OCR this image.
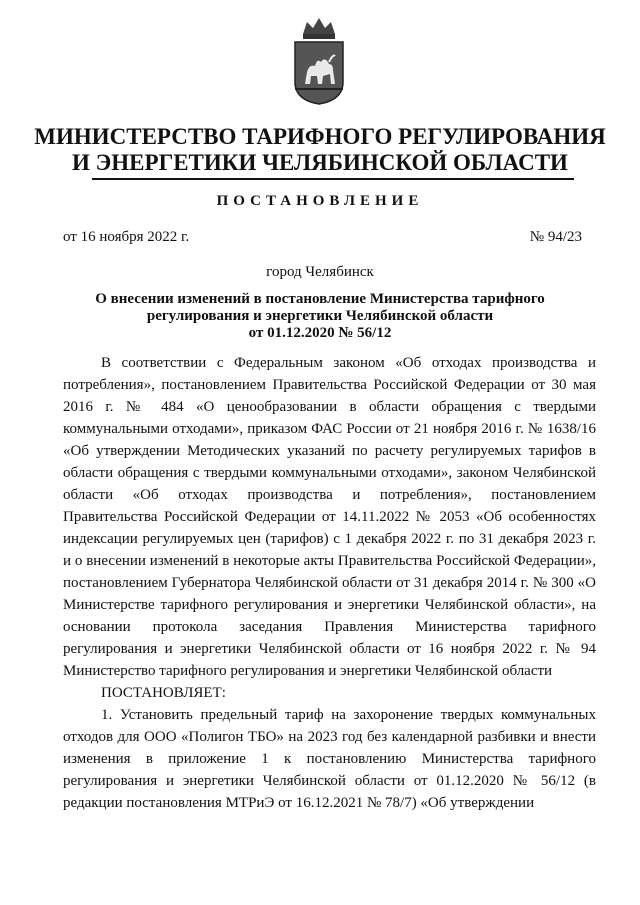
МИНИСТЕРСТВО ТАРИФНОГО РЕГУЛИРОВАНИЯ
И ЭНЕРГЕТИКИ ЧЕЛЯБИНСКОЙ ОБЛАСТИ
ПОСТАНОВЛЕНИЕ
от 16 ноября 2022 г.	№ 94/23
город Челябинск
О внесении изменений в постановление Министерства тарифного
регулирования и энергетики Челябинской области
от 01.12.2020 № 56/12

В соответствии с Федеральным законом «Об отходах производства и потребления», постановлением Правительства Российской Федерации от 30 мая 2016 г. № 484 «О ценообразовании в области обращения с твердыми коммунальными отходами», приказом ФАС России от 21 ноября 2016 г. № 1638/16 «Об утверждении Методических указаний по расчету регулируемых тарифов в области обращения с твердыми коммунальными отходами», законом Челябинской области «Об отходах производства и потребления», постановлением Правительства Российской Федерации от 14.11.2022 № 2053 «Об особенностях индексации регулируемых цен (тарифов) с 1 декабря 2022 г. по 31 декабря 2023 г. и о внесении изменений в некоторые акты Правительства Российской Федерации», постановлением Губернатора Челябинской области от 31 декабря 2014 г. № 300 «О Министерстве тарифного регулирования и энергетики Челябинской области», на основании протокола заседания Правления Министерства тарифного регулирования и энергетики Челябинской области от 16 ноября 2022 г. № 94 Министерство тарифного регулирования и энергетики Челябинской области

ПОСТАНОВЛЯЕТ:

1. Установить предельный тариф на захоронение твердых коммунальных отходов для ООО «Полигон ТБО» на 2023 год без календарной разбивки и внести изменения в приложение 1 к постановлению Министерства тарифного регулирования и энергетики Челябинской области от 01.12.2020 № 56/12 (в редакции постановления МТРиЭ от 16.12.2021 № 78/7) «Об утверждении
